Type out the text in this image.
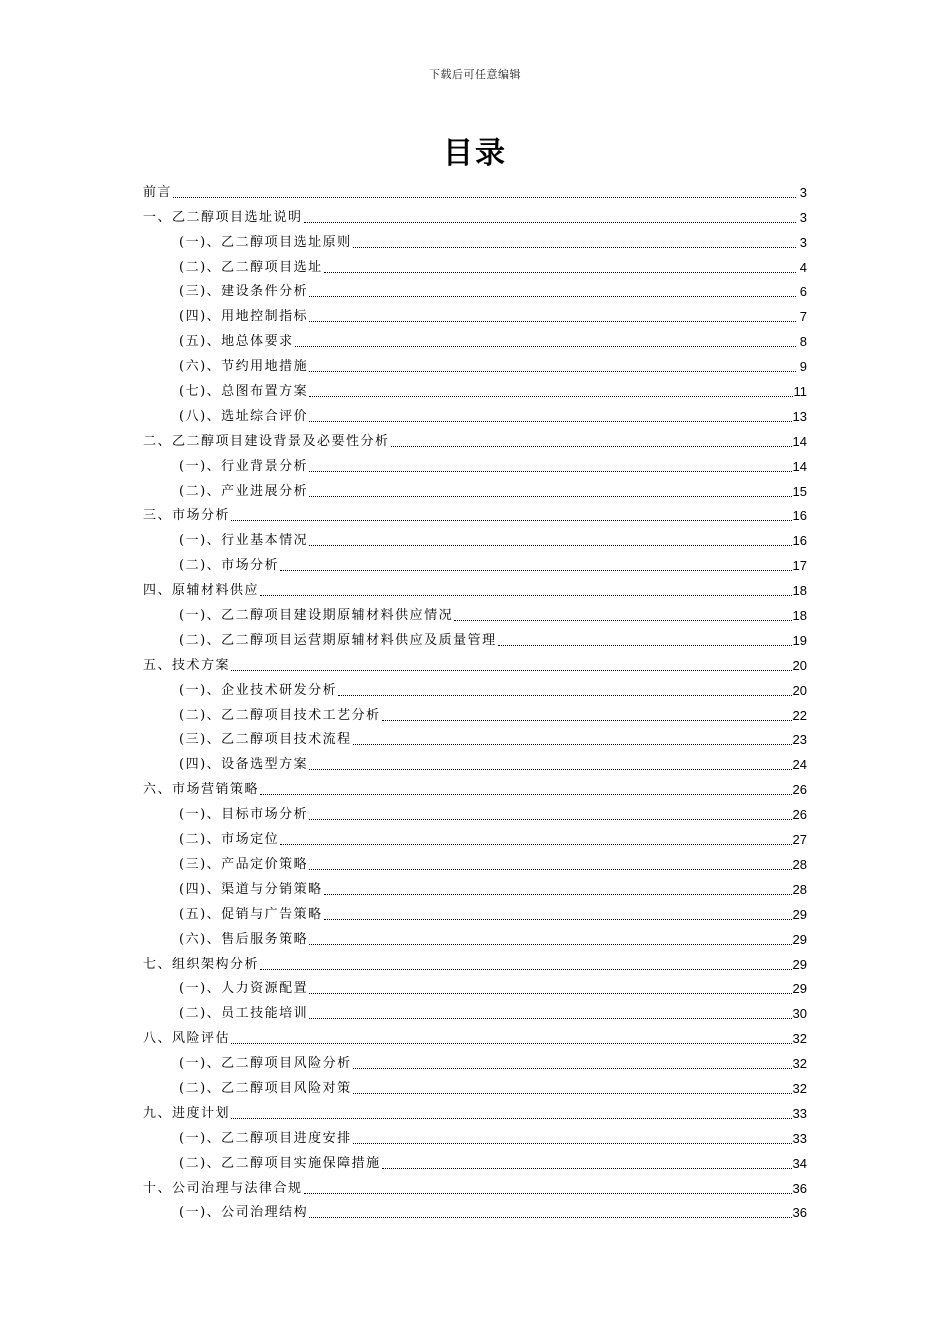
下载后可任意编辑
目录
前言	3
一、乙二醇项目选址说明	3
(一)、乙二醇项目选址原则	3
(二)、乙二醇项目选址	4
(三)、建设条件分析	6
(四)、用地控制指标	7
(五)、地总体要求	8
(六)、节约用地措施	9
(七)、总图布置方案	11
(八)、选址综合评价	13
二、乙二醇项目建设背景及必要性分析	14
(一)、行业背景分析	14
(二)、产业进展分析	15
三、市场分析	16
(一)、行业基本情况	16
(二)、市场分析	17
四、原辅材料供应	18
(一)、乙二醇项目建设期原辅材料供应情况	18
(二)、乙二醇项目运营期原辅材料供应及质量管理	19
五、技术方案	20
(一)、企业技术研发分析	20
(二)、乙二醇项目技术工艺分析	22
(三)、乙二醇项目技术流程	23
(四)、设备选型方案	24
六、市场营销策略	26
(一)、目标市场分析	26
(二)、市场定位	27
(三)、产品定价策略	28
(四)、渠道与分销策略	28
(五)、促销与广告策略	29
(六)、售后服务策略	29
七、组织架构分析	29
(一)、人力资源配置	29
(二)、员工技能培训	30
八、风险评估	32
(一)、乙二醇项目风险分析	32
(二)、乙二醇项目风险对策	32
九、进度计划	33
(一)、乙二醇项目进度安排	33
(二)、乙二醇项目实施保障措施	34
十、公司治理与法律合规	36
(一)、公司治理结构	36
